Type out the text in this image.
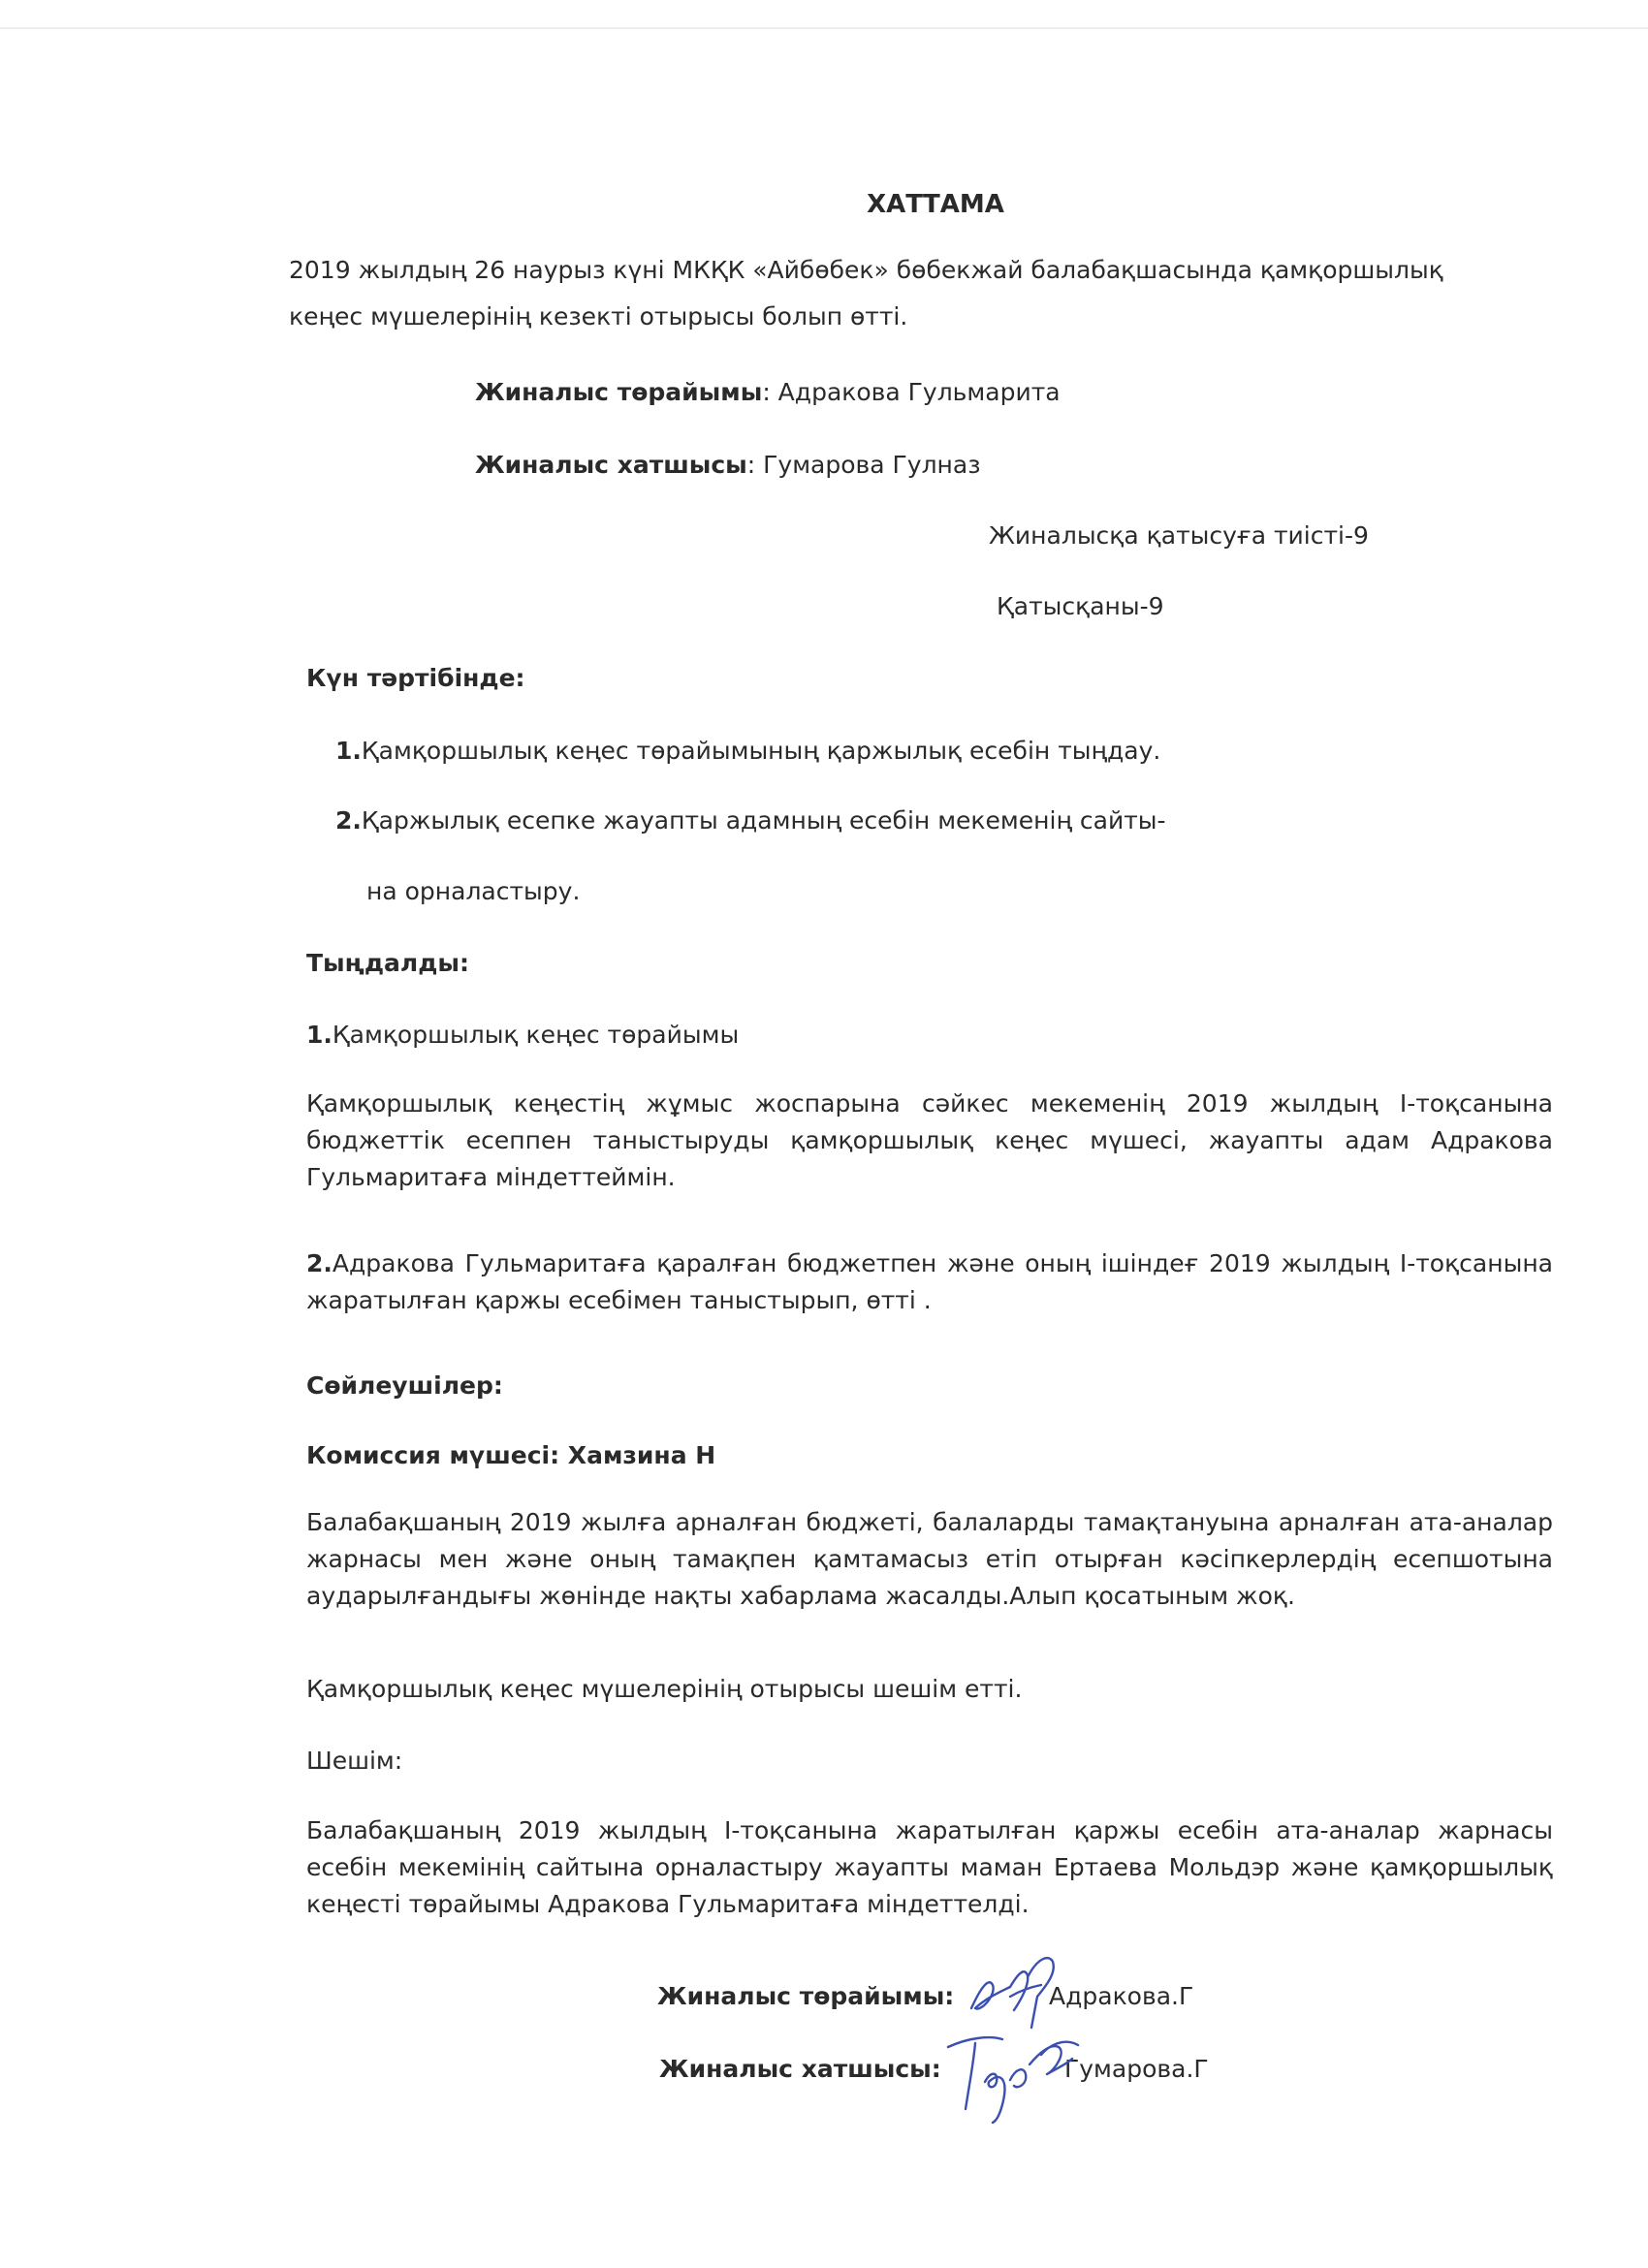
ХАТТАМА
2019 жылдың 26 наурыз күні МКҚК «Айбөбек» бөбекжай балабақшасында қамқоршылық
кеңес мүшелерінің кезекті отырысы болып өтті.
Жиналыс төрайымы: Адракова Гульмарита
Жиналыс хатшысы: Гумарова Гулназ
Жиналысқа қатысуға тиісті-9
Қатысқаны-9
Күн тәртібінде:
1.Қамқоршылық кеңес төрайымының қаржылық есебін тыңдау.
2.Қаржылық есепке жауапты адамның есебін мекеменің сайты-
на орналастыру.
Тыңдалды:
1.Қамқоршылық кеңес төрайымы
Қамқоршылық кеңестің жұмыс жоспарына сәйкес мекеменің 2019 жылдың І-тоқсанына бюджеттік есеппен таныстыруды қамқоршылық кеңес мүшесі, жауапты адам Адракова Гульмаритаға міндеттеймін.
2.Адракова Гульмаритаға қаралған бюджетпен және оның ішіндеғ 2019 жылдың І-тоқсанына жаратылған қаржы есебімен таныстырып, өтті .
Сөйлеушілер:
Комиссия мүшесі: Хамзина Н
Балабақшаның 2019 жылға арналған бюджеті, балаларды тамақтануына арналған ата-аналар жарнасы мен және оның тамақпен қамтамасыз етіп отырған кәсіпкерлердің есепшотына аударылғандығы жөнінде нақты хабарлама жасалды.Алып қосатыным жоқ.
Қамқоршылық кеңес мүшелерінің отырысы шешім етті.
Шешім:
Балабақшаның 2019 жылдың І-тоқсанына жаратылған қаржы есебін ата-аналар жарнасы есебін мекемінің сайтына орналастыру жауапты маман Ертаева Мольдэр және қамқоршылық кеңесті төрайымы Адракова Гульмаритаға міндеттелді.
Жиналыс төрайымы:	Адракова.Г
Жиналыс хатшысы:	Гумарова.Г
